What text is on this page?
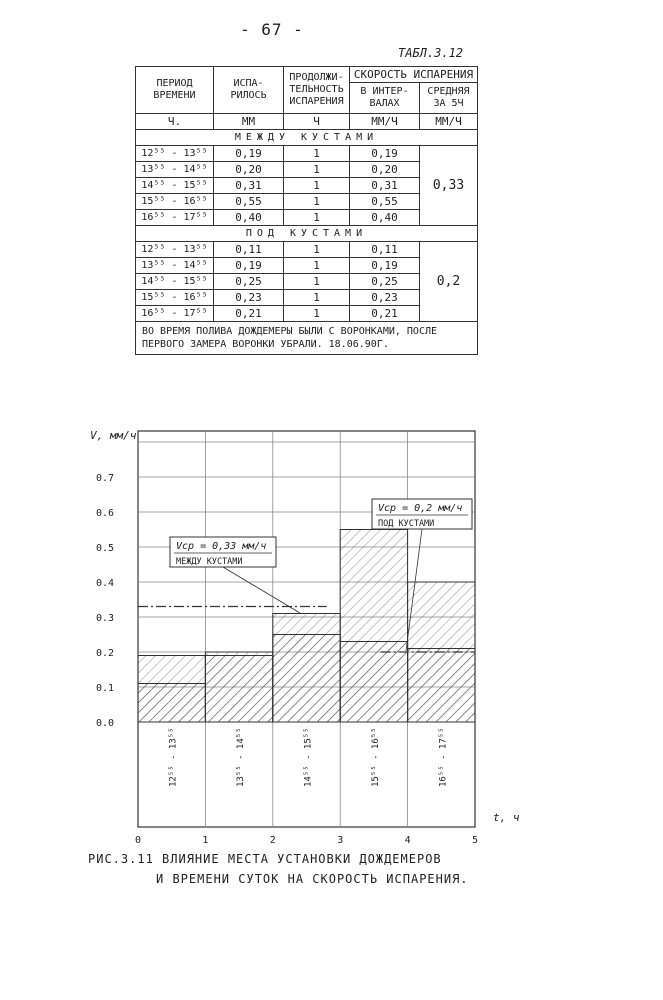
- 67 -
ТАБЛ.3.12
ПЕРИОД ВРЕМЕНИ	ИСПА- РИЛОСЬ	ПРОДОЛЖИ- ТЕЛЬНОСТЬ ИСПАРЕНИЯ	СКОРОСТЬ ИСПАРЕНИЯ	
			В ИНТЕР- ВАЛАХ	СРЕДНЯЯ ЗА 5Ч
Ч.	ММ	Ч	ММ/Ч	ММ/Ч
МЕЖДУ КУСТАМИ				
12⁵⁵ - 13⁵⁵	0,19	1	0,19	0,33
13⁵⁵ - 14⁵⁵	0,20	1	0,20	
14⁵⁵ - 15⁵⁵	0,31	1	0,31	
15⁵⁵ - 16⁵⁵	0,55	1	0,55	
16⁵⁵ - 17⁵⁵	0,40	1	0,40	
ПОД КУСТАМИ				
12⁵⁵ - 13⁵⁵	0,11	1	0,11	0,2
13⁵⁵ - 14⁵⁵	0,19	1	0,19	
14⁵⁵ - 15⁵⁵	0,25	1	0,25	
15⁵⁵ - 16⁵⁵	0,23	1	0,23	
16⁵⁵ - 17⁵⁵	0,21	1	0,21	
ВО ВРЕМЯ ПОЛИВА ДОЖДЕМЕРЫ БЫЛИ С ВОРОНКАМИ, ПОСЛЕ ПЕРВОГО ЗАМЕРА ВОРОНКИ УБРАЛИ. 18.06.90Г.				
0.0
0.1
0.2
0.3
0.4
0.5
0.6
0.7
0	1	2	3	4	5
V, мм/ч
t, ч
12⁵⁵ - 13⁵⁵	13⁵⁵ - 14⁵⁵	14⁵⁵ - 15⁵⁵	15⁵⁵ - 16⁵⁵	16⁵⁵ - 17⁵⁵
Vср = 0,33 мм/ч
МЕЖДУ КУСТАМИ
Vср = 0,2 мм/ч
ПОД КУСТАМИ
РИС.3.11 ВЛИЯНИЕ МЕСТА УСТАНОВКИ ДОЖДЕМЕРОВ
И ВРЕМЕНИ СУТОК НА СКОРОСТЬ ИСПАРЕНИЯ.
